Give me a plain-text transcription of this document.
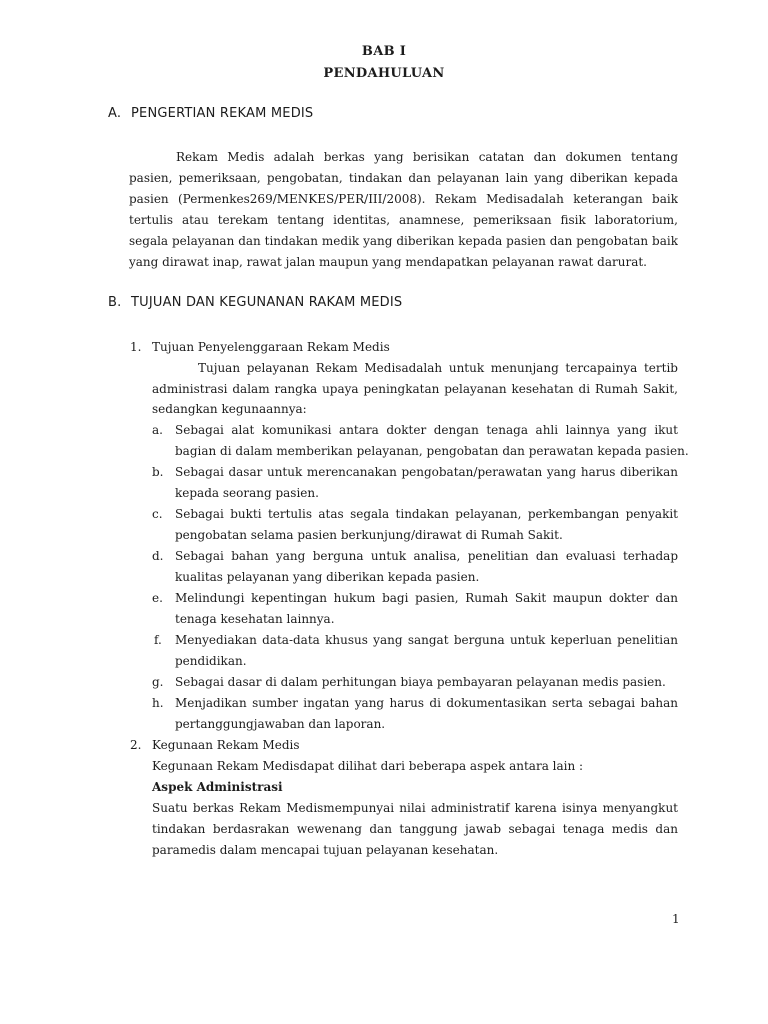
BAB I
PENDAHULUAN
A. PENGERTIAN REKAM MEDIS
Rekam Medis adalah berkas yang berisikan catatan dan dokumen tentang
pasien, pemeriksaan, pengobatan, tindakan dan pelayanan lain yang diberikan kepada
pasien (Permenkes269/MENKES/PER/III/2008). Rekam Medisadalah keterangan baik
tertulis atau terekam tentang identitas, anamnese, pemeriksaan fisik laboratorium,
segala pelayanan dan tindakan medik yang diberikan kepada pasien dan pengobatan baik
yang dirawat inap, rawat jalan maupun yang mendapatkan pelayanan rawat darurat.
B. TUJUAN DAN KEGUNANAN RAKAM MEDIS
1. Tujuan Penyelenggaraan Rekam Medis
Tujuan pelayanan Rekam Medisadalah untuk menunjang tercapainya tertib
administrasi dalam rangka upaya peningkatan pelayanan kesehatan di Rumah Sakit,
sedangkan kegunaannya:
a. Sebagai alat komunikasi antara dokter dengan tenaga ahli lainnya yang ikut
bagian di dalam memberikan pelayanan, pengobatan dan perawatan kepada pasien.
b. Sebagai dasar untuk merencanakan pengobatan/perawatan yang harus diberikan
kepada seorang pasien.
c. Sebagai bukti tertulis atas segala tindakan pelayanan, perkembangan penyakit
pengobatan selama pasien berkunjung/dirawat di Rumah Sakit.
d. Sebagai bahan yang berguna untuk analisa, penelitian dan evaluasi terhadap
kualitas pelayanan yang diberikan kepada pasien.
e. Melindungi kepentingan hukum bagi pasien, Rumah Sakit maupun dokter dan
tenaga kesehatan lainnya.
f. Menyediakan data-data khusus yang sangat berguna untuk keperluan penelitian
pendidikan.
g. Sebagai dasar di dalam perhitungan biaya pembayaran pelayanan medis pasien.
h. Menjadikan sumber ingatan yang harus di dokumentasikan serta sebagai bahan
pertanggungjawaban dan laporan.
2. Kegunaan Rekam Medis
Kegunaan Rekam Medisdapat dilihat dari beberapa aspek antara lain :
Aspek Administrasi
Suatu berkas Rekam Medismempunyai nilai administratif karena isinya menyangkut
tindakan berdasrakan wewenang dan tanggung jawab sebagai tenaga medis dan
paramedis dalam mencapai tujuan pelayanan kesehatan.
1
